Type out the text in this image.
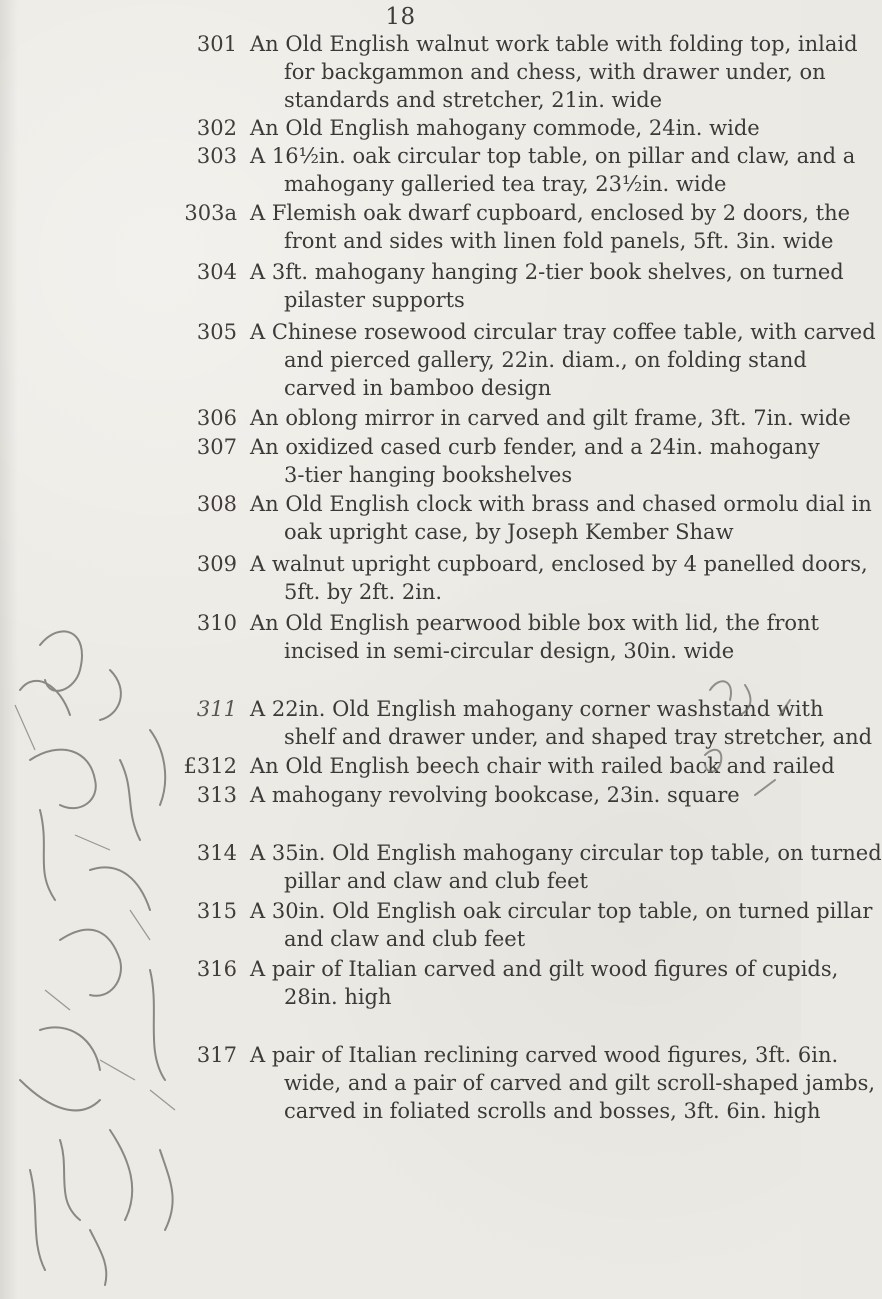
18
301 An Old English walnut work table with folding top, inlaid
for backgammon and chess, with drawer under, on
standards and stretcher, 21in. wide
302 An Old English mahogany commode, 24in. wide
303 A 16½in. oak circular top table, on pillar and claw, and a
mahogany galleried tea tray, 23½in. wide
303a A Flemish oak dwarf cupboard, enclosed by 2 doors, the
front and sides with linen fold panels, 5ft. 3in. wide
304 A 3ft. mahogany hanging 2-tier book shelves, on turned
pilaster supports
305 A Chinese rosewood circular tray coffee table, with carved
and pierced gallery, 22in. diam., on folding stand
carved in bamboo design
306 An oblong mirror in carved and gilt frame, 3ft. 7in. wide
307 An oxidized cased curb fender, and a 24in. mahogany
3-tier hanging bookshelves
308 An Old English clock with brass and chased ormolu dial in
oak upright case, by Joseph Kember Shaw
309 A walnut upright cupboard, enclosed by 4 panelled doors,
5ft. by 2ft. 2in.
310 An Old English pearwood bible box with lid, the front
incised in semi-circular design, 30in. wide
311 A 22in. Old English mahogany corner washstand with
shelf and drawer under, and shaped tray stretcher, and
£312 An Old English beech chair with railed back and railed
313 A mahogany revolving bookcase, 23in. square
314 A 35in. Old English mahogany circular top table, on turned
pillar and claw and club feet
315 A 30in. Old English oak circular top table, on turned pillar
and claw and club feet
316 A pair of Italian carved and gilt wood figures of cupids,
28in. high
317 A pair of Italian reclining carved wood figures, 3ft. 6in.
wide, and a pair of carved and gilt scroll-shaped jambs,
carved in foliated scrolls and bosses, 3ft. 6in. high
